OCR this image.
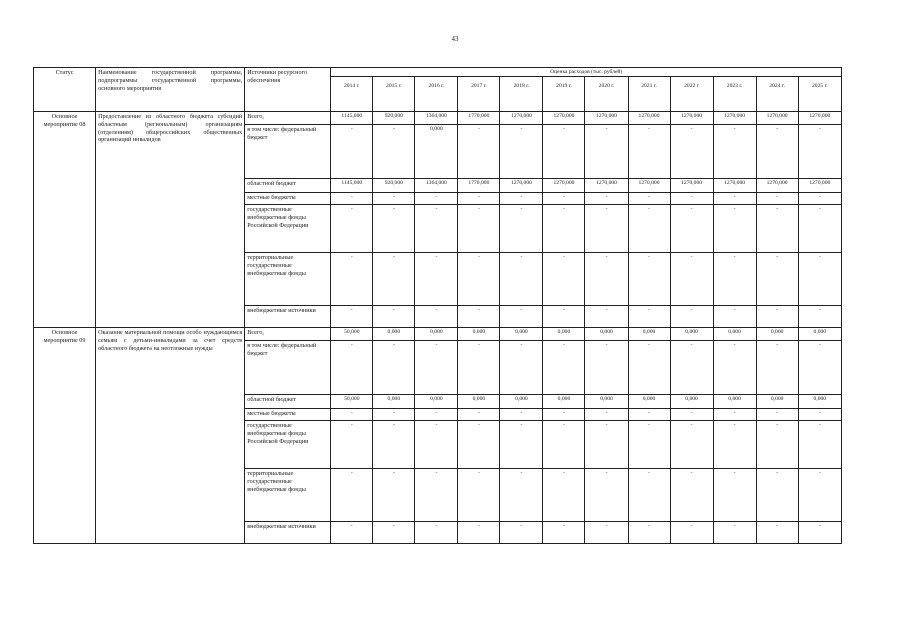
43
Статус	Наименование государственной программы, подпрограммы государственной программы, основного мероприятия	Источники ресурсного обеспечения	Оценка расходов (тыс. рублей)											

			2014 г.	2015 г.	2016 г.	2017 г.	2018 г.	2019 г.	2020 г.	2021 г.	2022 г	2023 г.	2024 г.	2025 г.

Основное мероприятие 08	Предоставление из областного бюджета субсидий областным (региональным) организациям (отделениям) общероссийских общественных организаций инвалидов	Всего,	1145,000	920,000	1364,000	1770,000	1270,000	1270,000	1270,000	1270,000	1270,000	1270,000	1270,000	1270,000
		в том числе: федеральный бюджет	-	-	0,000	-	-	-	-	-	-	-	-	-
		областной бюджет	1145,000	920,000	1364,000	1770,000	1270,000	1270,000	1270,000	1270,000	1270,000	1270,000	1270,000	1270,000
		местные бюджеты	-	-	-	-	-	-	-	-	-	-	-	-
		государственные внебюджетные фонды Российской Федерации	-	-	-	-	-	-	-	-	-	-	-	-
		территориальные государственные внебюджетные фонды	-	-	-	-	-	-	-	-	-	-	-	-
		внебюджетные источники	-	-	-	-	-	-	-	-	-	-	-	-
Основное мероприятие 09	Оказание материальной помощи особо нуждающимся семьям с детьми-инвалидами за счет средств областного бюджета на неотложные нужды	Всего,	50,000	0,000	0,000	0,000	0,000	0,000	0,000	0,000	0,000	0,000	0,000	0,000
		в том числе: федеральный бюджет	-	-	-	-	-	-	-	-	-	-	-	-
		областной бюджет	50,000	0,000	0,000	0,000	0,000	0,000	0,000	0,000	0,000	0,000	0,000	0,000
		местные бюджеты	-	-	-	-	-	-	-	-	-	-	-	-
		государственные внебюджетные фонды Российской Федерации	-	-	-	-	-	-	-	-	-	-	-	-
		территориальные государственные внебюджетные фонды	-	-	-	-	-	-	-	-	-	-	-	-
		внебюджетные источники	-	-	-	-	-	-	-	-	-	-	-	-
